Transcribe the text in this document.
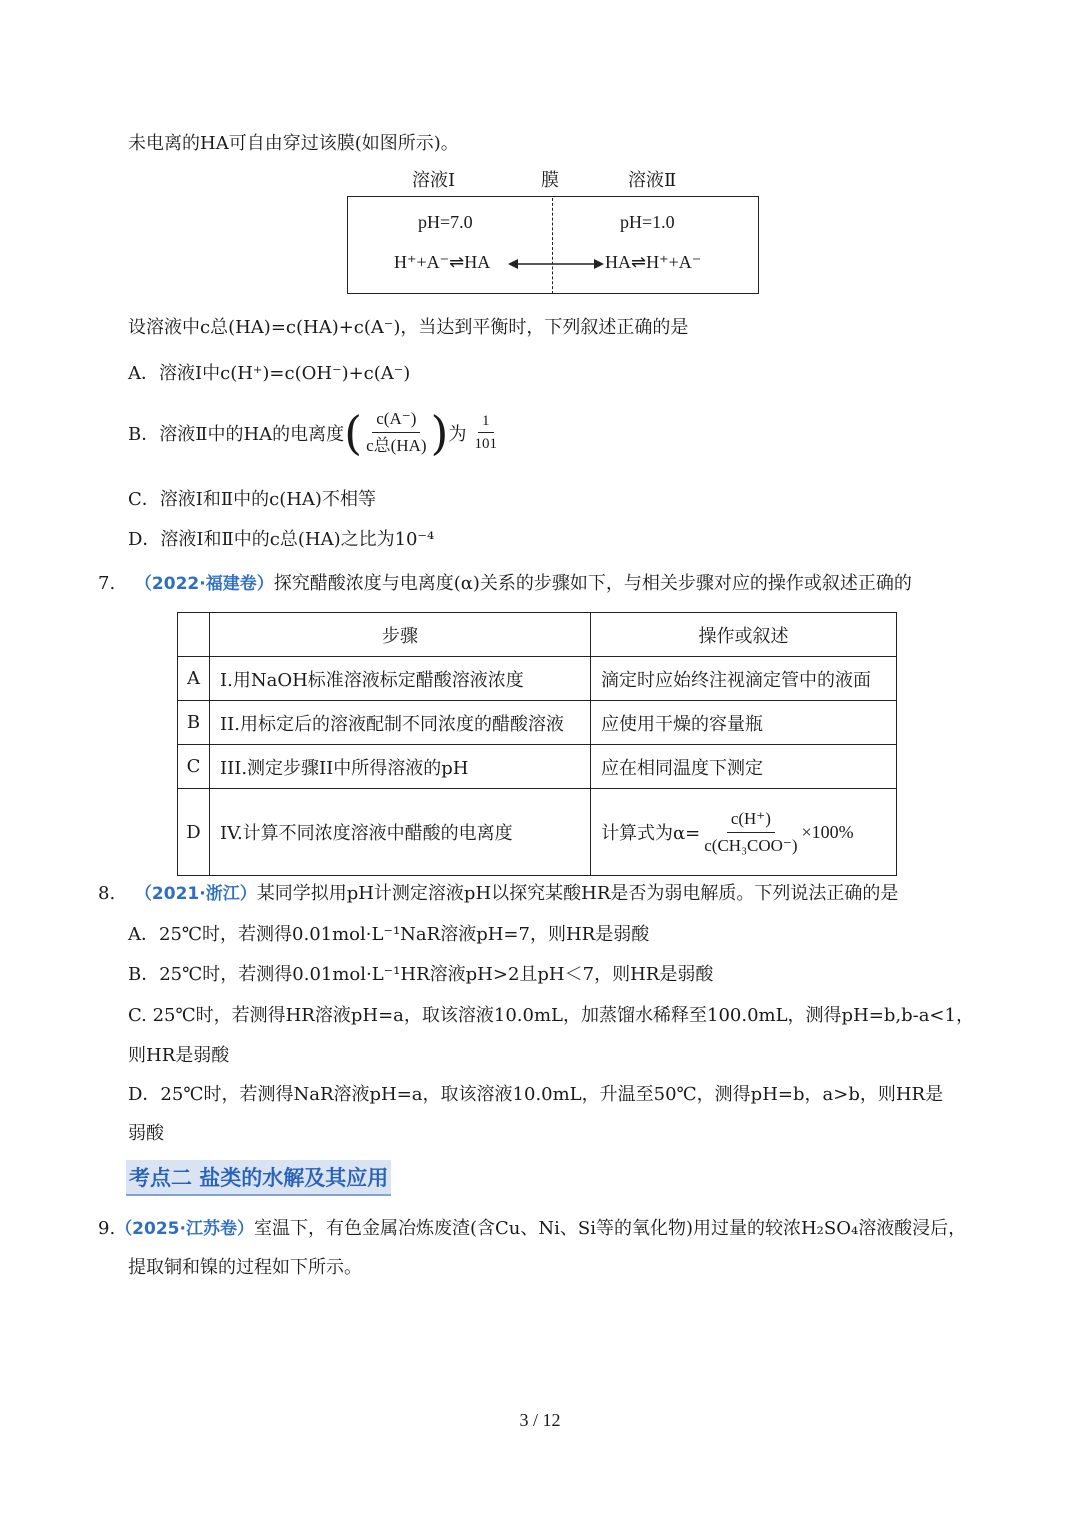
未电离的HA可自由穿过该膜(如图所示)。
溶液Ⅰ	膜	溶液Ⅱ
pH=7.0	pH=1.0
H⁺+A⁻⇌HA	HA⇌H⁺+A⁻
设溶液中c总(HA)=c(HA)+c(A⁻)，当达到平衡时，下列叙述正确的是
A．溶液Ⅰ中c(H⁺)=c(OH⁻)+c(A⁻)
B．溶液Ⅱ中的HA的电离度 ( $\frac{c(A^-)}{\text{c总(HA)}}$ ) 为 $\frac{1}{101}$
C．溶液Ⅰ和Ⅱ中的c(HA)不相等
D．溶液Ⅰ和Ⅱ中的c总(HA)之比为10⁻⁴
7. （2022·福建卷）探究醋酸浓度与电离度(α)关系的步骤如下，与相关步骤对应的操作或叙述正确的
	步骤	操作或叙述
A	I.用NaOH标准溶液标定醋酸溶液浓度	滴定时应始终注视滴定管中的液面
B	II.用标定后的溶液配制不同浓度的醋酸溶液	应使用干燥的容量瓶
C	III.测定步骤II中所得溶液的pH	应在相同温度下测定
D	IV.计算不同浓度溶液中醋酸的电离度	计算式为$\alpha= \frac{c(H^+)}{\text{c(CH₃COO⁻)}} \times 100\%$
8. （2021·浙江）某同学拟用pH计测定溶液pH以探究某酸HR是否为弱电解质。下列说法正确的是
A．25℃时，若测得0.01mol·L⁻¹NaR溶液pH=7，则HR是弱酸
B．25℃时，若测得0.01mol·L⁻¹HR溶液pH>2且pH＜7，则HR是弱酸
C. 25℃时，若测得HR溶液pH=a，取该溶液10.0mL，加蒸馏水稀释至100.0mL，测得pH=b,b-a<1，
则HR是弱酸
D．25℃时，若测得NaR溶液pH=a，取该溶液10.0mL，升温至50℃，测得pH=b，a>b，则HR是
弱酸
考点二 盐类的水解及其应用
9.（2025·江苏卷）室温下，有色金属冶炼废渣(含Cu、Ni、Si等的氧化物)用过量的较浓H₂SO₄溶液酸浸后，
提取铜和镍的过程如下所示。
3 / 12
